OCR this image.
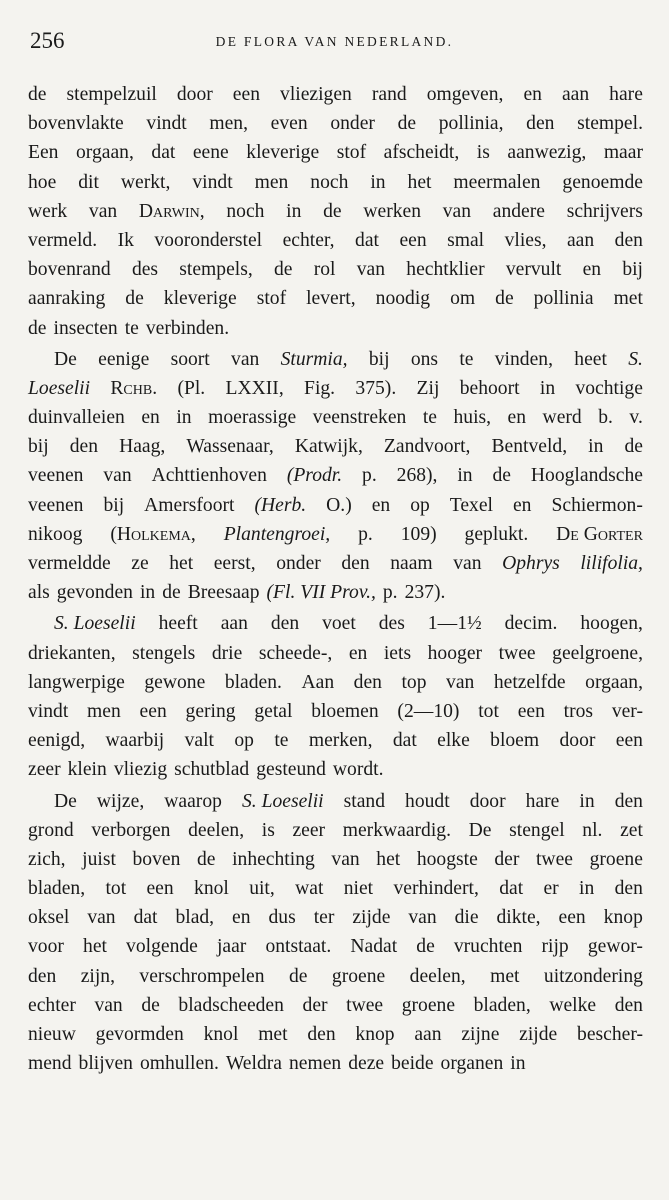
256	DE FLORA VAN NEDERLAND.
de stempelzuil door een vliezigen rand omgeven, en aan hare
bovenvlakte vindt men, even onder de pollinia, den stempel.
Een orgaan, dat eene kleverige stof afscheidt, is aanwezig, maar
hoe dit werkt, vindt men noch in het meermalen genoemde
werk van Darwin, noch in de werken van andere schrijvers
vermeld. Ik vooronderstel echter, dat een smal vlies, aan den
bovenrand des stempels, de rol van hechtklier vervult en bij
aanraking de kleverige stof levert, noodig om de pollinia met
de insecten te verbinden.
De eenige soort van Sturmia, bij ons te vinden, heet S.
Loeselii Rchb. (Pl. LXXII, Fig. 375). Zij behoort in vochtige
duinvalleien en in moerassige veenstreken te huis, en werd b. v.
bij den Haag, Wassenaar, Katwijk, Zandvoort, Bentveld, in de
veenen van Achttienhoven (Prodr. p. 268), in de Hooglandsche
veenen bij Amersfoort (Herb. O.) en op Texel en Schiermon-
nikoog (Holkema, Plantengroei, p. 109) geplukt. De Gorter
vermeldde ze het eerst, onder den naam van Ophrys lilifolia,
als gevonden in de Breesaap (Fl. VII Prov., p. 237).
S. Loeselii heeft aan den voet des 1—1½ decim. hoogen,
driekanten, stengels drie scheede-, en iets hooger twee geelgroene,
langwerpige gewone bladen. Aan den top van hetzelfde orgaan,
vindt men een gering getal bloemen (2—10) tot een tros ver-
eenigd, waarbij valt op te merken, dat elke bloem door een
zeer klein vliezig schutblad gesteund wordt.
De wijze, waarop S. Loeselii stand houdt door hare in den
grond verborgen deelen, is zeer merkwaardig. De stengel nl. zet
zich, juist boven de inhechting van het hoogste der twee groene
bladen, tot een knol uit, wat niet verhindert, dat er in den
oksel van dat blad, en dus ter zijde van die dikte, een knop
voor het volgende jaar ontstaat. Nadat de vruchten rijp gewor-
den zijn, verschrompelen de groene deelen, met uitzondering
echter van de bladscheeden der twee groene bladen, welke den
nieuw gevormden knol met den knop aan zijne zijde bescher-
mend blijven omhullen. Weldra nemen deze beide organen in
